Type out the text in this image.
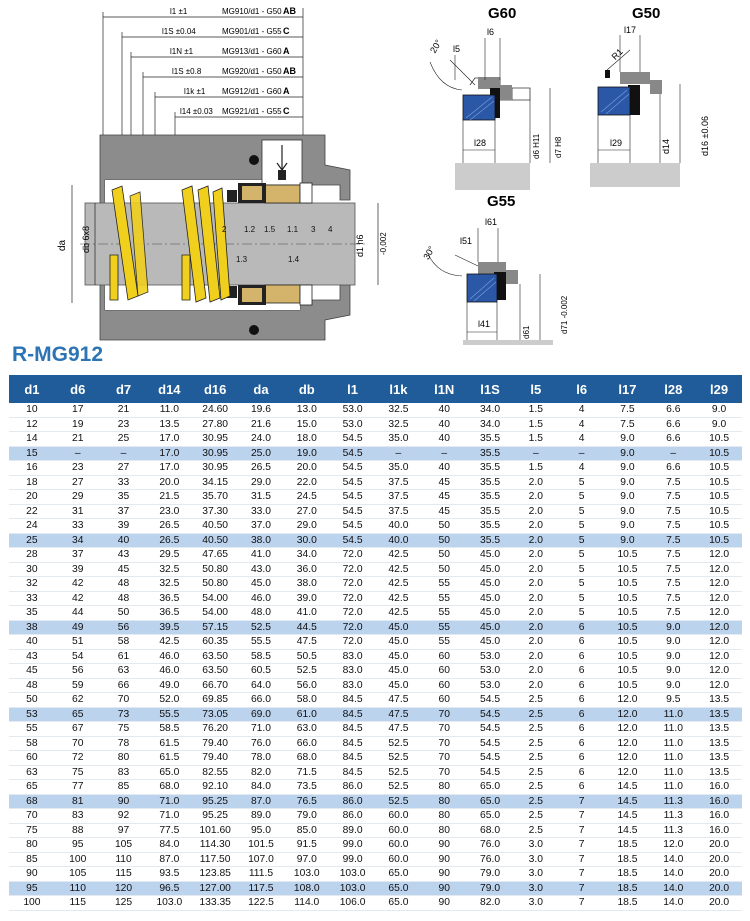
da db 6x8	d1 h6 -0,002
l1 ±1	MG910/d1 - G50 AB
l1S ±0.04	MG901/d1 - G55 C
l1N ±1	MG913/d1 - G60 A
l1S ±0.8	MG920/d1 - G50 AB
l1k ±1 MG912/d1 - G60 A
l14 ±0.03 MG921/d1 - G55 C
2 1.2 1.5 1.1 3 4
1.3	1.4
G60
20° l5
l6
l28	d6 H11 d7 H8
G50
l17
R1
l29	d14	d16 ±0.06
G55
30°
l51
l61
l41
d61	d71 -0.002
R-MG912
d1	d6	d7	d14	d16	da	db	l1	l1k	l1N	l1S	l5	l6	l17	l28	l29
10	17	21	11.0	24.60	19.6	13.0	53.0	32.5	40	34.0	1.5	4	7.5	6.6	9.0
12	19	23	13.5	27.80	21.6	15.0	53.0	32.5	40	34.0	1.5	4	7.5	6.6	9.0
14	21	25	17.0	30.95	24.0	18.0	54.5	35.0	40	35.5	1.5	4	9.0	6.6	10.5
15	–	–	17.0	30.95	25.0	19.0	54.5	–	–	35.5	–	–	9.0	–	10.5
16	23	27	17.0	30.95	26.5	20.0	54.5	35.0	40	35.5	1.5	4	9.0	6.6	10.5
18	27	33	20.0	34.15	29.0	22.0	54.5	37.5	45	35.5	2.0	5	9.0	7.5	10.5
20	29	35	21.5	35.70	31.5	24.5	54.5	37.5	45	35.5	2.0	5	9.0	7.5	10.5
22	31	37	23.0	37.30	33.0	27.0	54.5	37.5	45	35.5	2.0	5	9.0	7.5	10.5
24	33	39	26.5	40.50	37.0	29.0	54.5	40.0	50	35.5	2.0	5	9.0	7.5	10.5
25	34	40	26.5	40.50	38.0	30.0	54.5	40.0	50	35.5	2.0	5	9.0	7.5	10.5
28	37	43	29.5	47.65	41.0	34.0	72.0	42.5	50	45.0	2.0	5	10.5	7.5	12.0
30	39	45	32.5	50.80	43.0	36.0	72.0	42.5	50	45.0	2.0	5	10.5	7.5	12.0
32	42	48	32.5	50.80	45.0	38.0	72.0	42.5	55	45.0	2.0	5	10.5	7.5	12.0
33	42	48	36.5	54.00	46.0	39.0	72.0	42.5	55	45.0	2.0	5	10.5	7.5	12.0
35	44	50	36.5	54.00	48.0	41.0	72.0	42.5	55	45.0	2.0	5	10.5	7.5	12.0
38	49	56	39.5	57.15	52.5	44.5	72.0	45.0	55	45.0	2.0	6	10.5	9.0	12.0
40	51	58	42.5	60.35	55.5	47.5	72.0	45.0	55	45.0	2.0	6	10.5	9.0	12.0
43	54	61	46.0	63.50	58.5	50.5	83.0	45.0	60	53.0	2.0	6	10.5	9.0	12.0
45	56	63	46.0	63.50	60.5	52.5	83.0	45.0	60	53.0	2.0	6	10.5	9.0	12.0
48	59	66	49.0	66.70	64.0	56.0	83.0	45.0	60	53.0	2.0	6	10.5	9.0	12.0
50	62	70	52.0	69.85	66.0	58.0	84.5	47.5	60	54.5	2.5	6	12.0	9.5	13.5
53	65	73	55.5	73.05	69.0	61.0	84.5	47.5	70	54.5	2.5	6	12.0	11.0	13.5
55	67	75	58.5	76.20	71.0	63.0	84.5	47.5	70	54.5	2.5	6	12.0	11.0	13.5
58	70	78	61.5	79.40	76.0	66.0	84.5	52.5	70	54.5	2.5	6	12.0	11.0	13.5
60	72	80	61.5	79.40	78.0	68.0	84.5	52.5	70	54.5	2.5	6	12.0	11.0	13.5
63	75	83	65.0	82.55	82.0	71.5	84.5	52.5	70	54.5	2.5	6	12.0	11.0	13.5
65	77	85	68.0	92.10	84.0	73.5	86.0	52.5	80	65.0	2.5	6	14.5	11.0	16.0
68	81	90	71.0	95.25	87.0	76.5	86.0	52.5	80	65.0	2.5	7	14.5	11.3	16.0
70	83	92	71.0	95.25	89.0	79.0	86.0	60.0	80	65.0	2.5	7	14.5	11.3	16.0
75	88	97	77.5	101.60	95.0	85.0	89.0	60.0	80	68.0	2.5	7	14.5	11.3	16.0
80	95	105	84.0	114.30	101.5	91.5	99.0	60.0	90	76.0	3.0	7	18.5	12.0	20.0
85	100	110	87.0	117.50	107.0	97.0	99.0	60.0	90	76.0	3.0	7	18.5	14.0	20.0
90	105	115	93.5	123.85	111.5	103.0	103.0	65.0	90	79.0	3.0	7	18.5	14.0	20.0
95	110	120	96.5	127.00	117.5	108.0	103.0	65.0	90	79.0	3.0	7	18.5	14.0	20.0
100	115	125	103.0	133.35	122.5	114.0	106.0	65.0	90	82.0	3.0	7	18.5	14.0	20.0
